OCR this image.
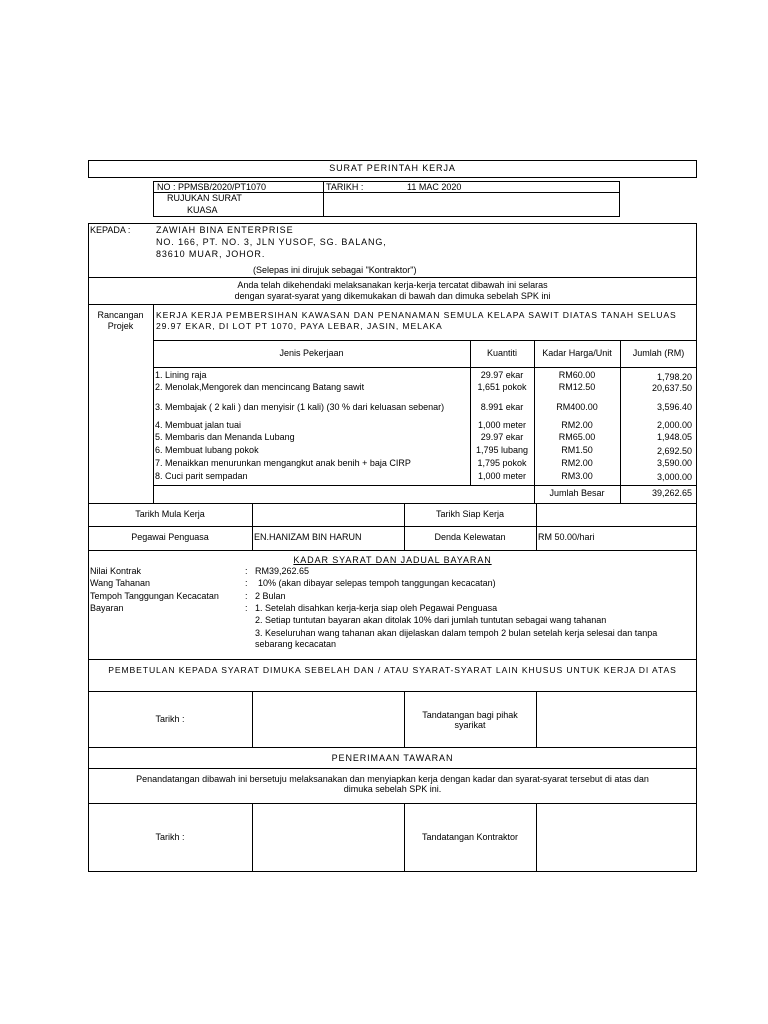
SURAT PERINTAH KERJA
NO : PPMSB/2020/PT1070	TARIKH :	11 MAC 2020
RUJUKAN SURAT
KUASA
KEPADA :	ZAWIAH BINA ENTERPRISE
NO. 166, PT. NO. 3, JLN YUSOF, SG. BALANG,
83610 MUAR, JOHOR.
(Selepas ini dirujuk sebagai "Kontraktor")
Anda telah dikehendaki melaksanakan kerja-kerja tercatat dibawah ini selaras
dengan syarat-syarat yang dikemukakan di bawah dan dimuka sebelah SPK ini
Rancangan
Projek
KERJA KERJA PEMBERSIHAN KAWASAN DAN PENANAMAN SEMULA KELAPA SAWIT DIATAS TANAH SELUAS
29.97 EKAR, DI LOT PT 1070, PAYA LEBAR, JASIN, MELAKA
Jenis Pekerjaan	Kuantiti	Kadar Harga/Unit	Jumlah (RM)
1. Lining raja	29.97 ekar	RM60.00	1,798.20
2. Menolak,Mengorek dan mencincang Batang sawit	1,651 pokok	RM12.50	20,637.50
3. Membajak ( 2 kali ) dan menyisir (1 kali) (30 % dari keluasan sebenar)	8.991 ekar	RM400.00	3,596.40
4. Membuat jalan tuai	1,000 meter	RM2.00	2,000.00
5. Membaris dan Menanda Lubang	29.97 ekar	RM65.00	1,948.05
6. Membuat lubang pokok	1,795 lubang	RM1.50	2,692.50
7. Menaikkan menurunkan mengangkut anak benih + baja CIRP	1,795 pokok	RM2.00	3,590.00
8. Cuci parit sempadan	1,000 meter	RM3.00	3,000.00
Jumlah Besar	39,262.65
Tarikh Mula Kerja	Tarikh Siap Kerja
Pegawai Penguasa	EN.HANIZAM BIN HARUN	Denda Kelewatan	RM 50.00/hari
KADAR SYARAT DAN JADUAL BAYARAN
Nilai Kontrak	: RM39,262.65
Wang Tahanan	: 10% (akan dibayar selepas tempoh tanggungan kecacatan)
Tempoh Tanggungan Kecacatan	: 2 Bulan
Bayaran	: 1. Setelah disahkan kerja-kerja siap oleh Pegawai Penguasa
2. Setiap tuntutan bayaran akan ditolak 10% dari jumlah tuntutan sebagai wang tahanan
3. Keseluruhan wang tahanan akan dijelaskan dalam tempoh 2 bulan setelah kerja selesai dan tanpa
sebarang kecacatan
PEMBETULAN KEPADA SYARAT DIMUKA SEBELAH DAN / ATAU SYARAT-SYARAT LAIN KHUSUS UNTUK KERJA DI ATAS
Tarikh :	Tandatangan bagi pihak
syarikat
PENERIMAAN TAWARAN
Penandatangan dibawah ini bersetuju melaksanakan dan menyiapkan kerja dengan kadar dan syarat-syarat tersebut di atas dan
dimuka sebelah SPK ini.
Tarikh :	Tandatangan Kontraktor
